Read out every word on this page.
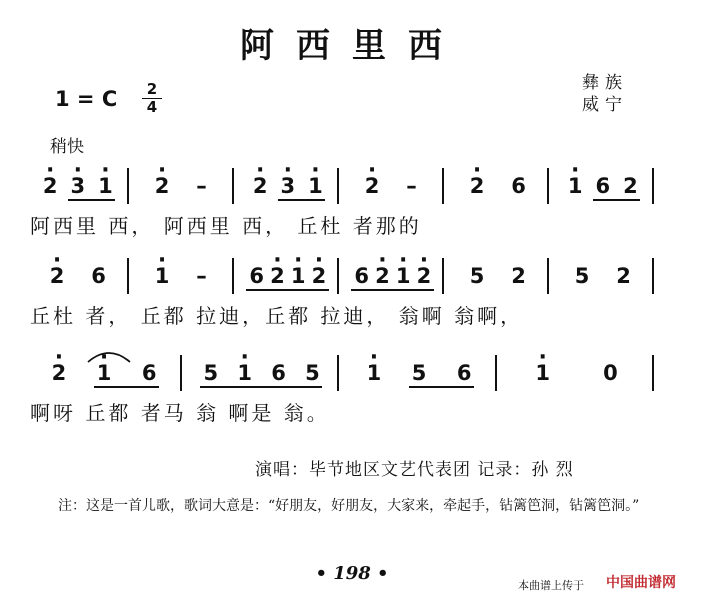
阿西里西
1 = C	2
4
彝族
威宁
稍快
· 2 · 3 · 1 · 2 – · 2 · 3 · 1 · 2 –	· 2 6 · 1 6 2
阿西里 西， 阿西里 西， 丘杜 者那的
· 2 6 · 1 – 6 · 2 · 1 · 2 6 · 2 · 1 · 2 5 2 5 2
丘杜 者， 丘都 拉迪，丘都 拉迪， 翁啊 翁啊，
· 2 · 1 6 5 · 1 6 5 · 1 5 6	· 1	0
啊呀 丘都 者马 翁 啊是 翁。
演唱：毕节地区文艺代表团 记录：孙 烈
注：这是一首儿歌，歌词大意是：“好朋友，好朋友，大家来，牵起手，钻篱笆洞，钻篱笆洞。”
• 198 •
本曲谱上传于 中国曲谱网
